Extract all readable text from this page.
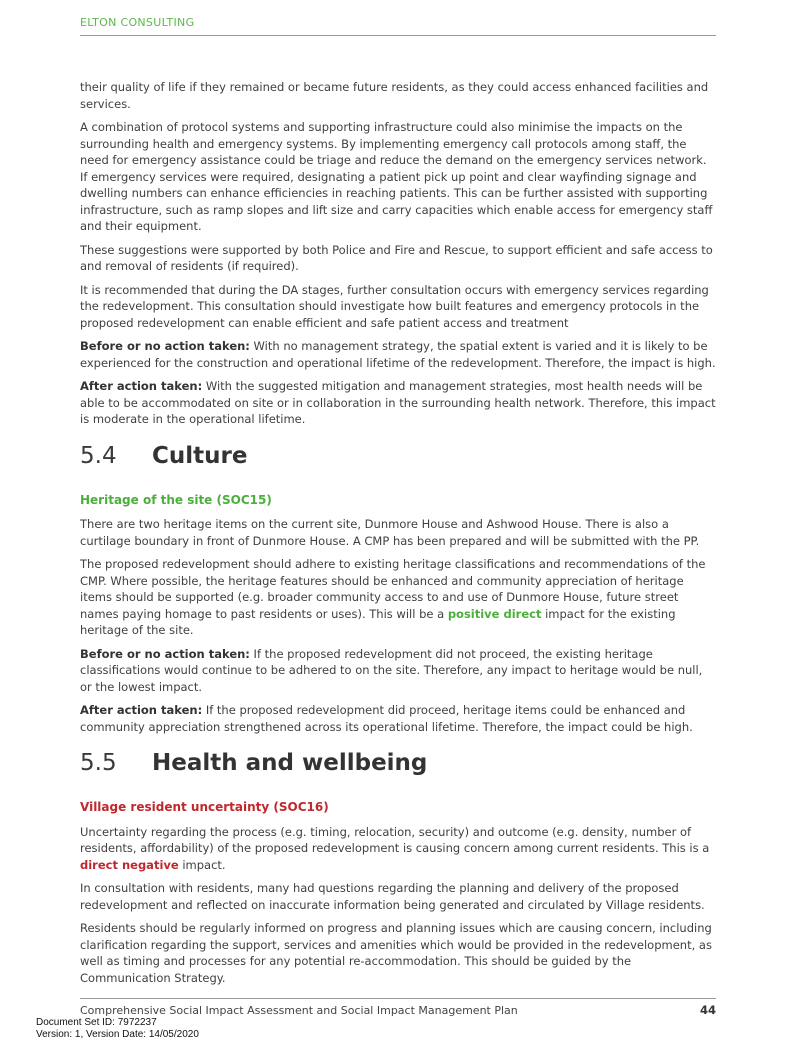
ELTON CONSULTING

their quality of life if they remained or became future residents, as they could access enhanced facilities and services.

A combination of protocol systems and supporting infrastructure could also minimise the impacts on the surrounding health and emergency systems. By implementing emergency call protocols among staff, the need for emergency assistance could be triage and reduce the demand on the emergency services network. If emergency services were required, designating a patient pick up point and clear wayfinding signage and dwelling numbers can enhance efficiencies in reaching patients. This can be further assisted with supporting infrastructure, such as ramp slopes and lift size and carry capacities which enable access for emergency staff and their equipment.

These suggestions were supported by both Police and Fire and Rescue, to support efficient and safe access to and removal of residents (if required).

It is recommended that during the DA stages, further consultation occurs with emergency services regarding the redevelopment. This consultation should investigate how built features and emergency protocols in the proposed redevelopment can enable efficient and safe patient access and treatment

Before or no action taken: With no management strategy, the spatial extent is varied and it is likely to be experienced for the construction and operational lifetime of the redevelopment. Therefore, the impact is high.

After action taken: With the suggested mitigation and management strategies, most health needs will be able to be accommodated on site or in collaboration in the surrounding health network. Therefore, this impact is moderate in the operational lifetime.

5.4	Culture
Heritage of the site (SOC15)

There are two heritage items on the current site, Dunmore House and Ashwood House. There is also a curtilage boundary in front of Dunmore House. A CMP has been prepared and will be submitted with the PP.

The proposed redevelopment should adhere to existing heritage classifications and recommendations of the CMP. Where possible, the heritage features should be enhanced and community appreciation of heritage items should be supported (e.g. broader community access to and use of Dunmore House, future street names paying homage to past residents or uses). This will be a positive direct impact for the existing heritage of the site.

Before or no action taken: If the proposed redevelopment did not proceed, the existing heritage classifications would continue to be adhered to on the site. Therefore, any impact to heritage would be null, or the lowest impact.

After action taken: If the proposed redevelopment did proceed, heritage items could be enhanced and community appreciation strengthened across its operational lifetime. Therefore, the impact could be high.

5.5	Health and wellbeing
Village resident uncertainty (SOC16)

Uncertainty regarding the process (e.g. timing, relocation, security) and outcome (e.g. density, number of residents, affordability) of the proposed redevelopment is causing concern among current residents. This is a direct negative impact.

In consultation with residents, many had questions regarding the planning and delivery of the proposed redevelopment and reflected on inaccurate information being generated and circulated by Village residents.

Residents should be regularly informed on progress and planning issues which are causing concern, including clarification regarding the support, services and amenities which would be provided in the redevelopment, as well as timing and processes for any potential re-accommodation. This should be guided by the Communication Strategy.

Comprehensive Social Impact Assessment and Social Impact Management Plan	44
Document Set ID: 7972237
Version: 1, Version Date: 14/05/2020
